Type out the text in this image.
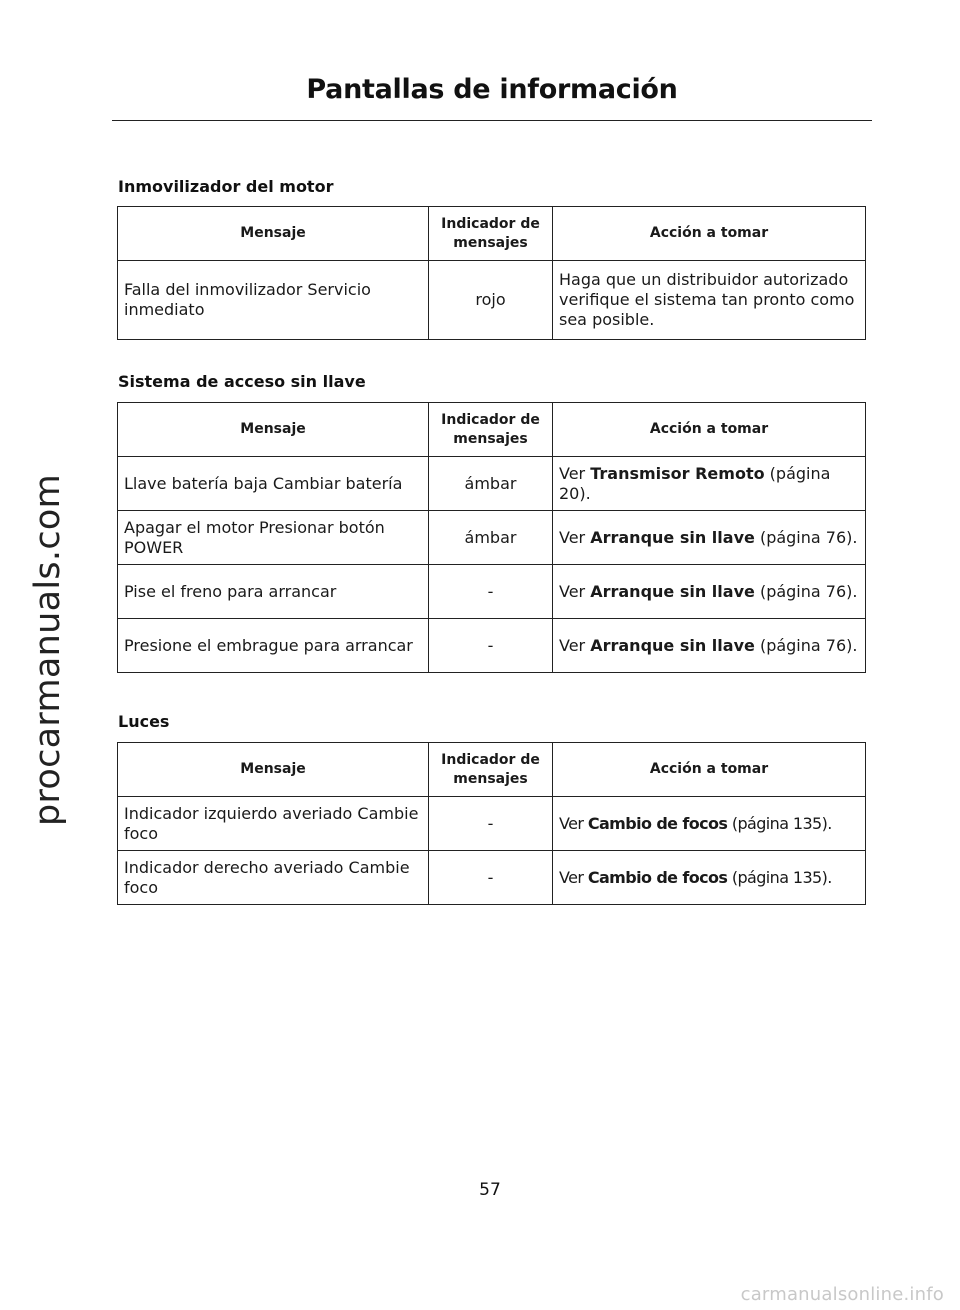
procarmanuals.com
Pantallas de información
Inmovilizador del motor
Mensaje	Indicador de mensajes	Acción a tomar
Falla del inmovilizador Servicio inmediato	rojo	Haga que un distribuidor autorizado verifique el sistema tan pronto como sea posible.
Sistema de acceso sin llave
Mensaje	Indicador de mensajes	Acción a tomar
Llave batería baja Cambiar batería	ámbar	Ver Transmisor Remoto (página 20).
Apagar el motor Presionar botón POWER	ámbar	Ver Arranque sin llave (página 76).
Pise el freno para arrancar	-	Ver Arranque sin llave (página 76).
Presione el embrague para arrancar	-	Ver Arranque sin llave (página 76).
Luces
Mensaje	Indicador de mensajes	Acción a tomar
Indicador izquierdo averiado Cambie foco	-	Ver Cambio de focos (página 135).
Indicador derecho averiado Cambie foco	-	Ver Cambio de focos (página 135).
57
carmanualsonline.info
